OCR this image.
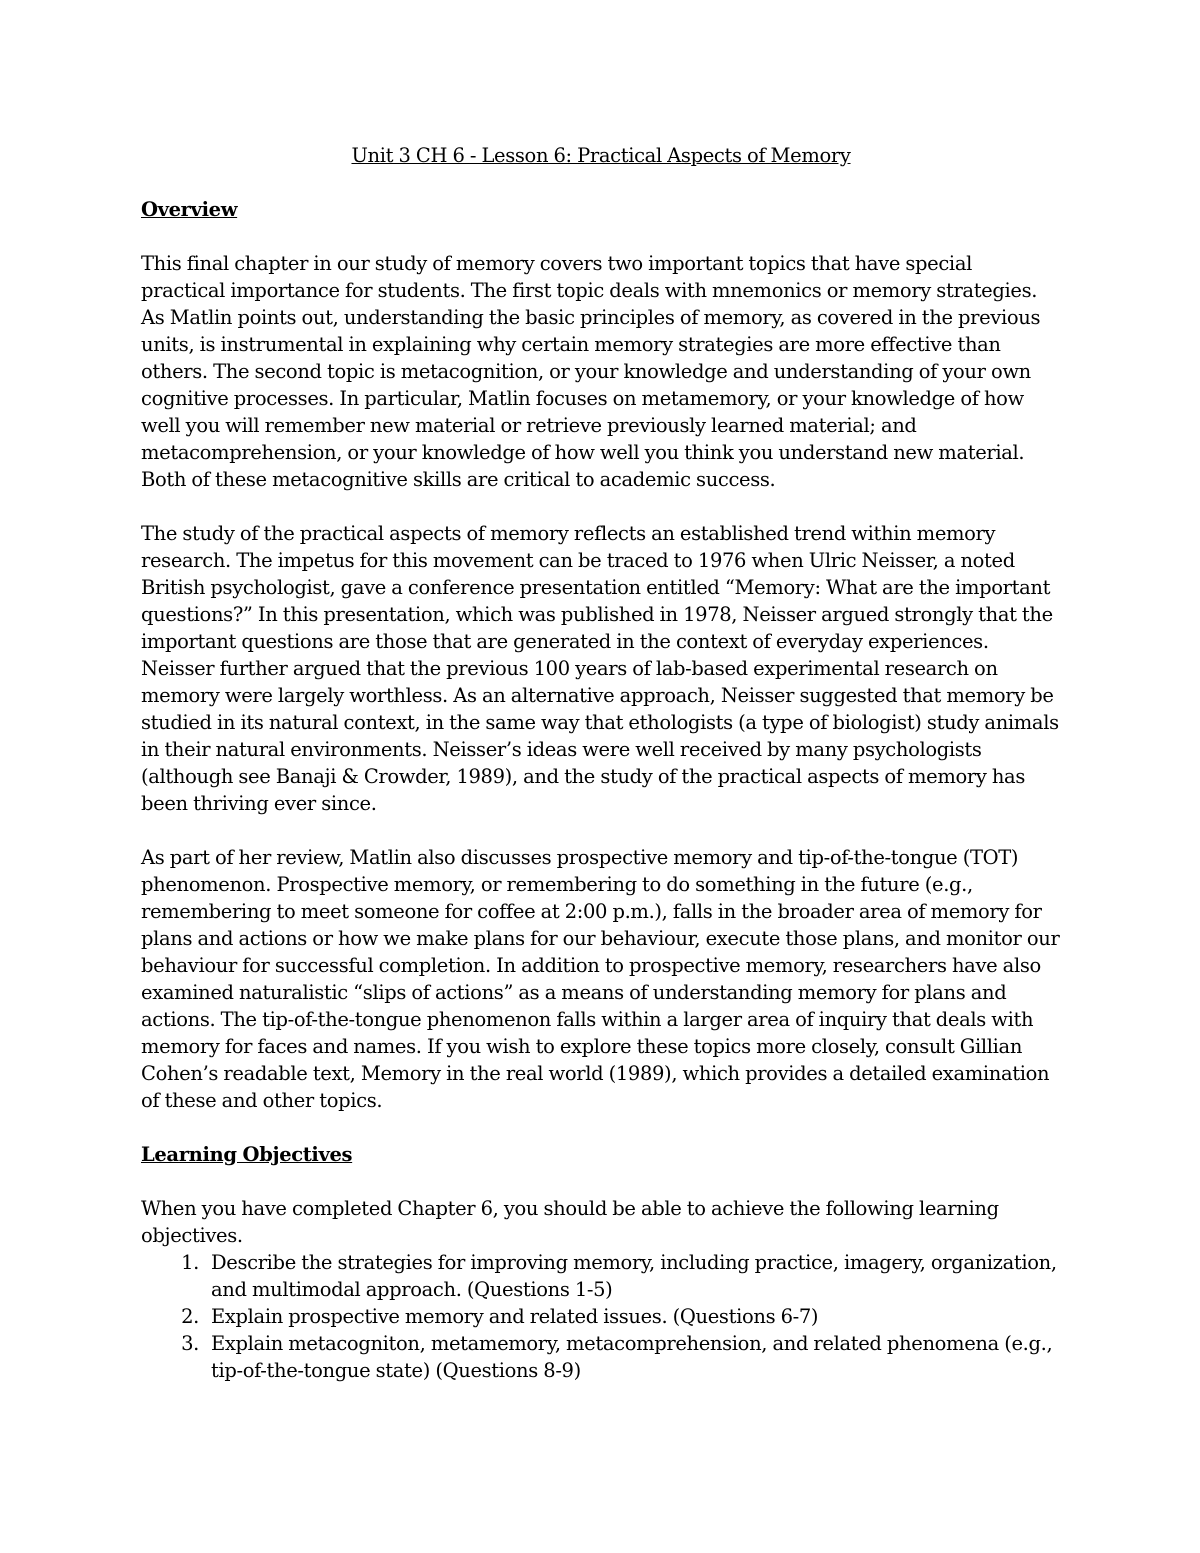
Unit 3 CH 6 - Lesson 6: Practical Aspects of Memory
Overview

This final chapter in our study of memory covers two important topics that have special practical importance for students. The first topic deals with mnemonics or memory strategies. As Matlin points out, understanding the basic principles of memory, as covered in the previous units, is instrumental in explaining why certain memory strategies are more effective than others. The second topic is metacognition, or your knowledge and understanding of your own cognitive processes. In particular, Matlin focuses on metamemory, or your knowledge of how well you will remember new material or retrieve previously learned material; and metacomprehension, or your knowledge of how well you think you understand new material. Both of these metacognitive skills are critical to academic success.

The study of the practical aspects of memory reflects an established trend within memory research. The impetus for this movement can be traced to 1976 when Ulric Neisser, a noted British psychologist, gave a conference presentation entitled “Memory: What are the important questions?” In this presentation, which was published in 1978, Neisser argued strongly that the important questions are those that are generated in the context of everyday experiences. Neisser further argued that the previous 100 years of lab-based experimental research on memory were largely worthless. As an alternative approach, Neisser suggested that memory be studied in its natural context, in the same way that ethologists (a type of biologist) study animals in their natural environments. Neisser’s ideas were well received by many psychologists (although see Banaji & Crowder, 1989), and the study of the practical aspects of memory has been thriving ever since.

As part of her review, Matlin also discusses prospective memory and tip-of-the-tongue (TOT) phenomenon. Prospective memory, or remembering to do something in the future (e.g., remembering to meet someone for coffee at 2:00 p.m.), falls in the broader area of memory for plans and actions or how we make plans for our behaviour, execute those plans, and monitor our behaviour for successful completion. In addition to prospective memory, researchers have also examined naturalistic “slips of actions” as a means of understanding memory for plans and actions. The tip-of-the-tongue phenomenon falls within a larger area of inquiry that deals with memory for faces and names. If you wish to explore these topics more closely, consult Gillian Cohen’s readable text, Memory in the real world (1989), which provides a detailed examination of these and other topics.

Learning Objectives

When you have completed Chapter 6, you should be able to achieve the following learning objectives.

1. Describe the strategies for improving memory, including practice, imagery, organization, and multimodal approach. (Questions 1-5)
2. Explain prospective memory and related issues. (Questions 6-7)
3. Explain metacogniton, metamemory, metacomprehension, and related phenomena (e.g., tip-of-the-tongue state) (Questions 8-9)
